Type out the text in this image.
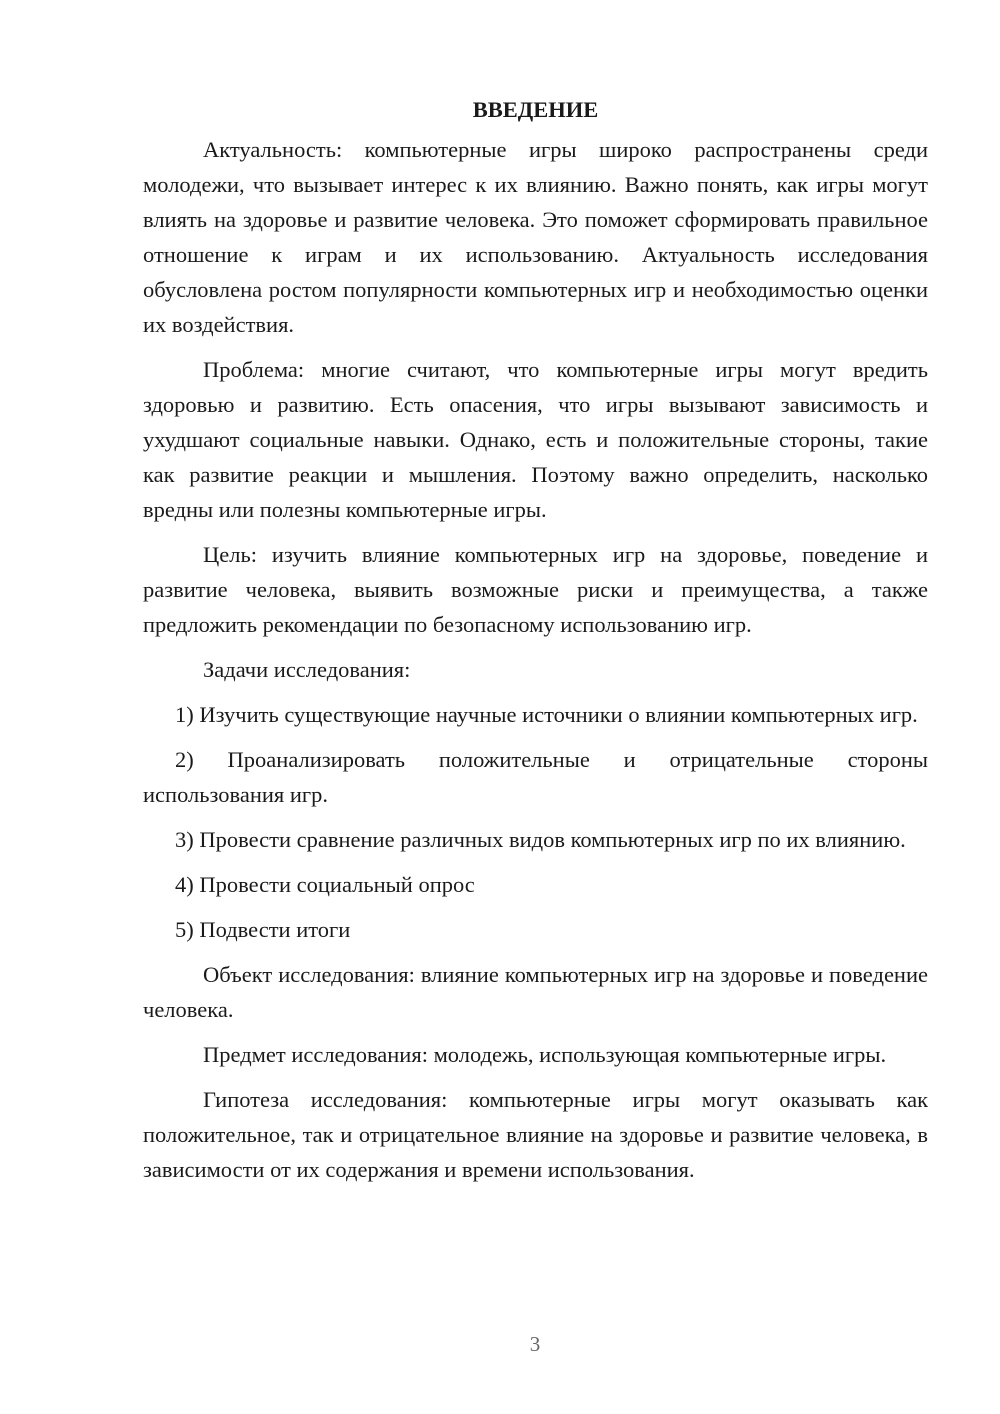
ВВЕДЕНИЕ

Актуальность: компьютерные игры широко распространены среди молодежи, что вызывает интерес к их влиянию. Важно понять, как игры могут влиять на здоровье и развитие человека. Это поможет сформировать правильное отношение к играм и их использованию. Актуальность исследования обусловлена ростом популярности компьютерных игр и необходимостью оценки их воздействия.

Проблема: многие считают, что компьютерные игры могут вредить здоровью и развитию. Есть опасения, что игры вызывают зависимость и ухудшают социальные навыки. Однако, есть и положительные стороны, такие как развитие реакции и мышления. Поэтому важно определить, насколько вредны или полезны компьютерные игры.

Цель: изучить влияние компьютерных игр на здоровье, поведение и развитие человека, выявить возможные риски и преимущества, а также предложить рекомендации по безопасному использованию игр.

Задачи исследования:

1) Изучить существующие научные источники о влиянии компьютерных игр.

2) Проанализировать положительные и отрицательные стороны использования игр.

3) Провести сравнение различных видов компьютерных игр по их влиянию.

4) Провести социальный опрос

5) Подвести итоги

Объект исследования: влияние компьютерных игр на здоровье и поведение человека.

Предмет исследования: молодежь, использующая компьютерные игры.

Гипотеза исследования: компьютерные игры могут оказывать как положительное, так и отрицательное влияние на здоровье и развитие человека, в зависимости от их содержания и времени использования.

3
